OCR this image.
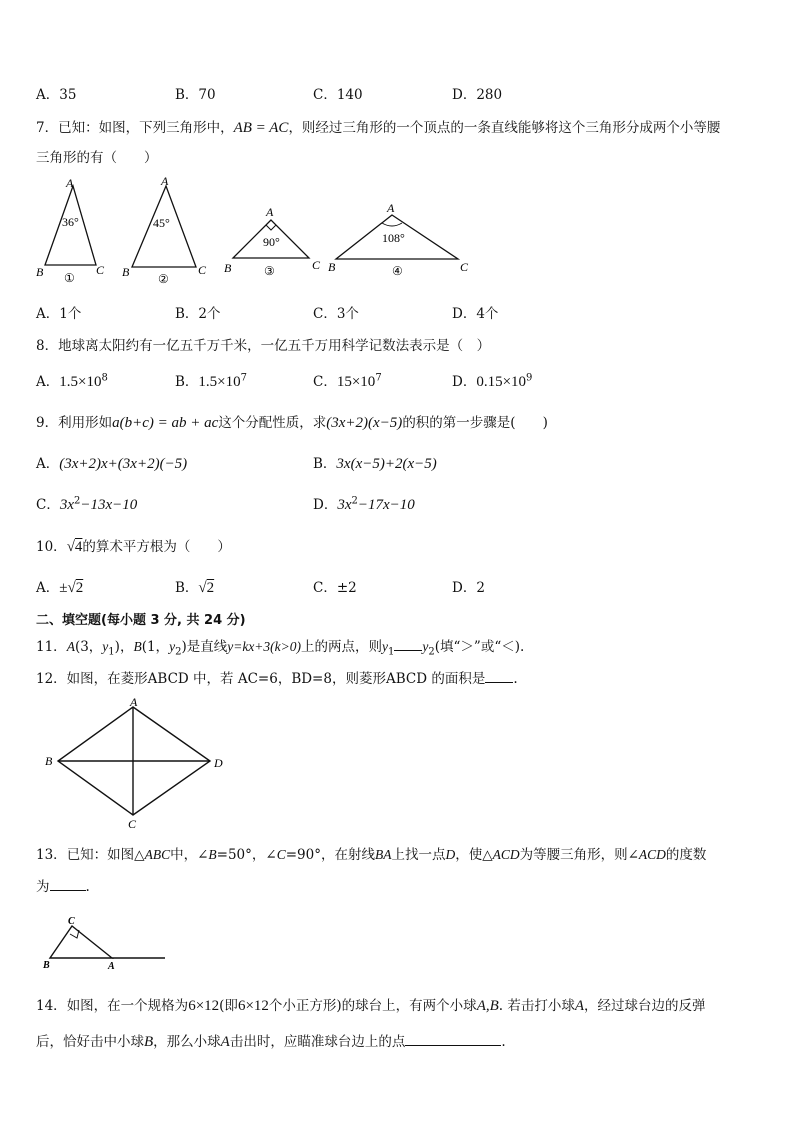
A．35	B．70	C．140	D．280
7．已知：如图，下列三角形中，AB = AC，则经过三角形的一个顶点的一条直线能够将这个三角形分成两个小等腰
三角形的有（　　）
A
36°
B	C
①
A
45°
B	C
②
A
90°
B	C
③
A
108°
B	C
④
A．1个	B．2个	C．3个	D．4个
8．地球离太阳约有一亿五千万千米，一亿五千万用科学记数法表示是（　）
A．$1.5\times 10^8$	B．$1.5\times 10^7$	C．$15\times 10^7$	D．$0.15\times 10^9$
9．利用形如a(b+c) = ab + ac这个分配性质，求(3x+2)(x−5)的积的第一步骤是(　　)
A．(3x+2)x+(3x+2)(−5)	B．3x(x−5)+2(x−5)
C．$3x^2-13x-10$	D．$3x^2-17x-10$
10．√4的算术平方根为（　　）
A．±√2	B．√2	C．±2	D．2
二、填空题(每小题 3 分, 共 24 分)
11．A(3，$y_1$)，B(1，$y_2$)是直线y=kx+3(k>0)上的两点，则$y_1$ $y_2$(填“＞”或“＜).
12．如图，在菱形ABCD 中，若 AC=6，BD=8，则菱形ABCD 的面积是 .
A
B
C
D
13．已知：如图△ABC中，∠B=50°，∠C=90°，在射线BA上找一点D，使△ACD为等腰三角形，则∠ACD的度数
为	.
C
B	A
14．如图，在一个规格为6×12(即6×12个小正方形)的球台上，有两个小球A,B. 若击打小球A，经过球台边的反弹
后，恰好击中小球B，那么小球A击出时，应瞄准球台边上的点	.
